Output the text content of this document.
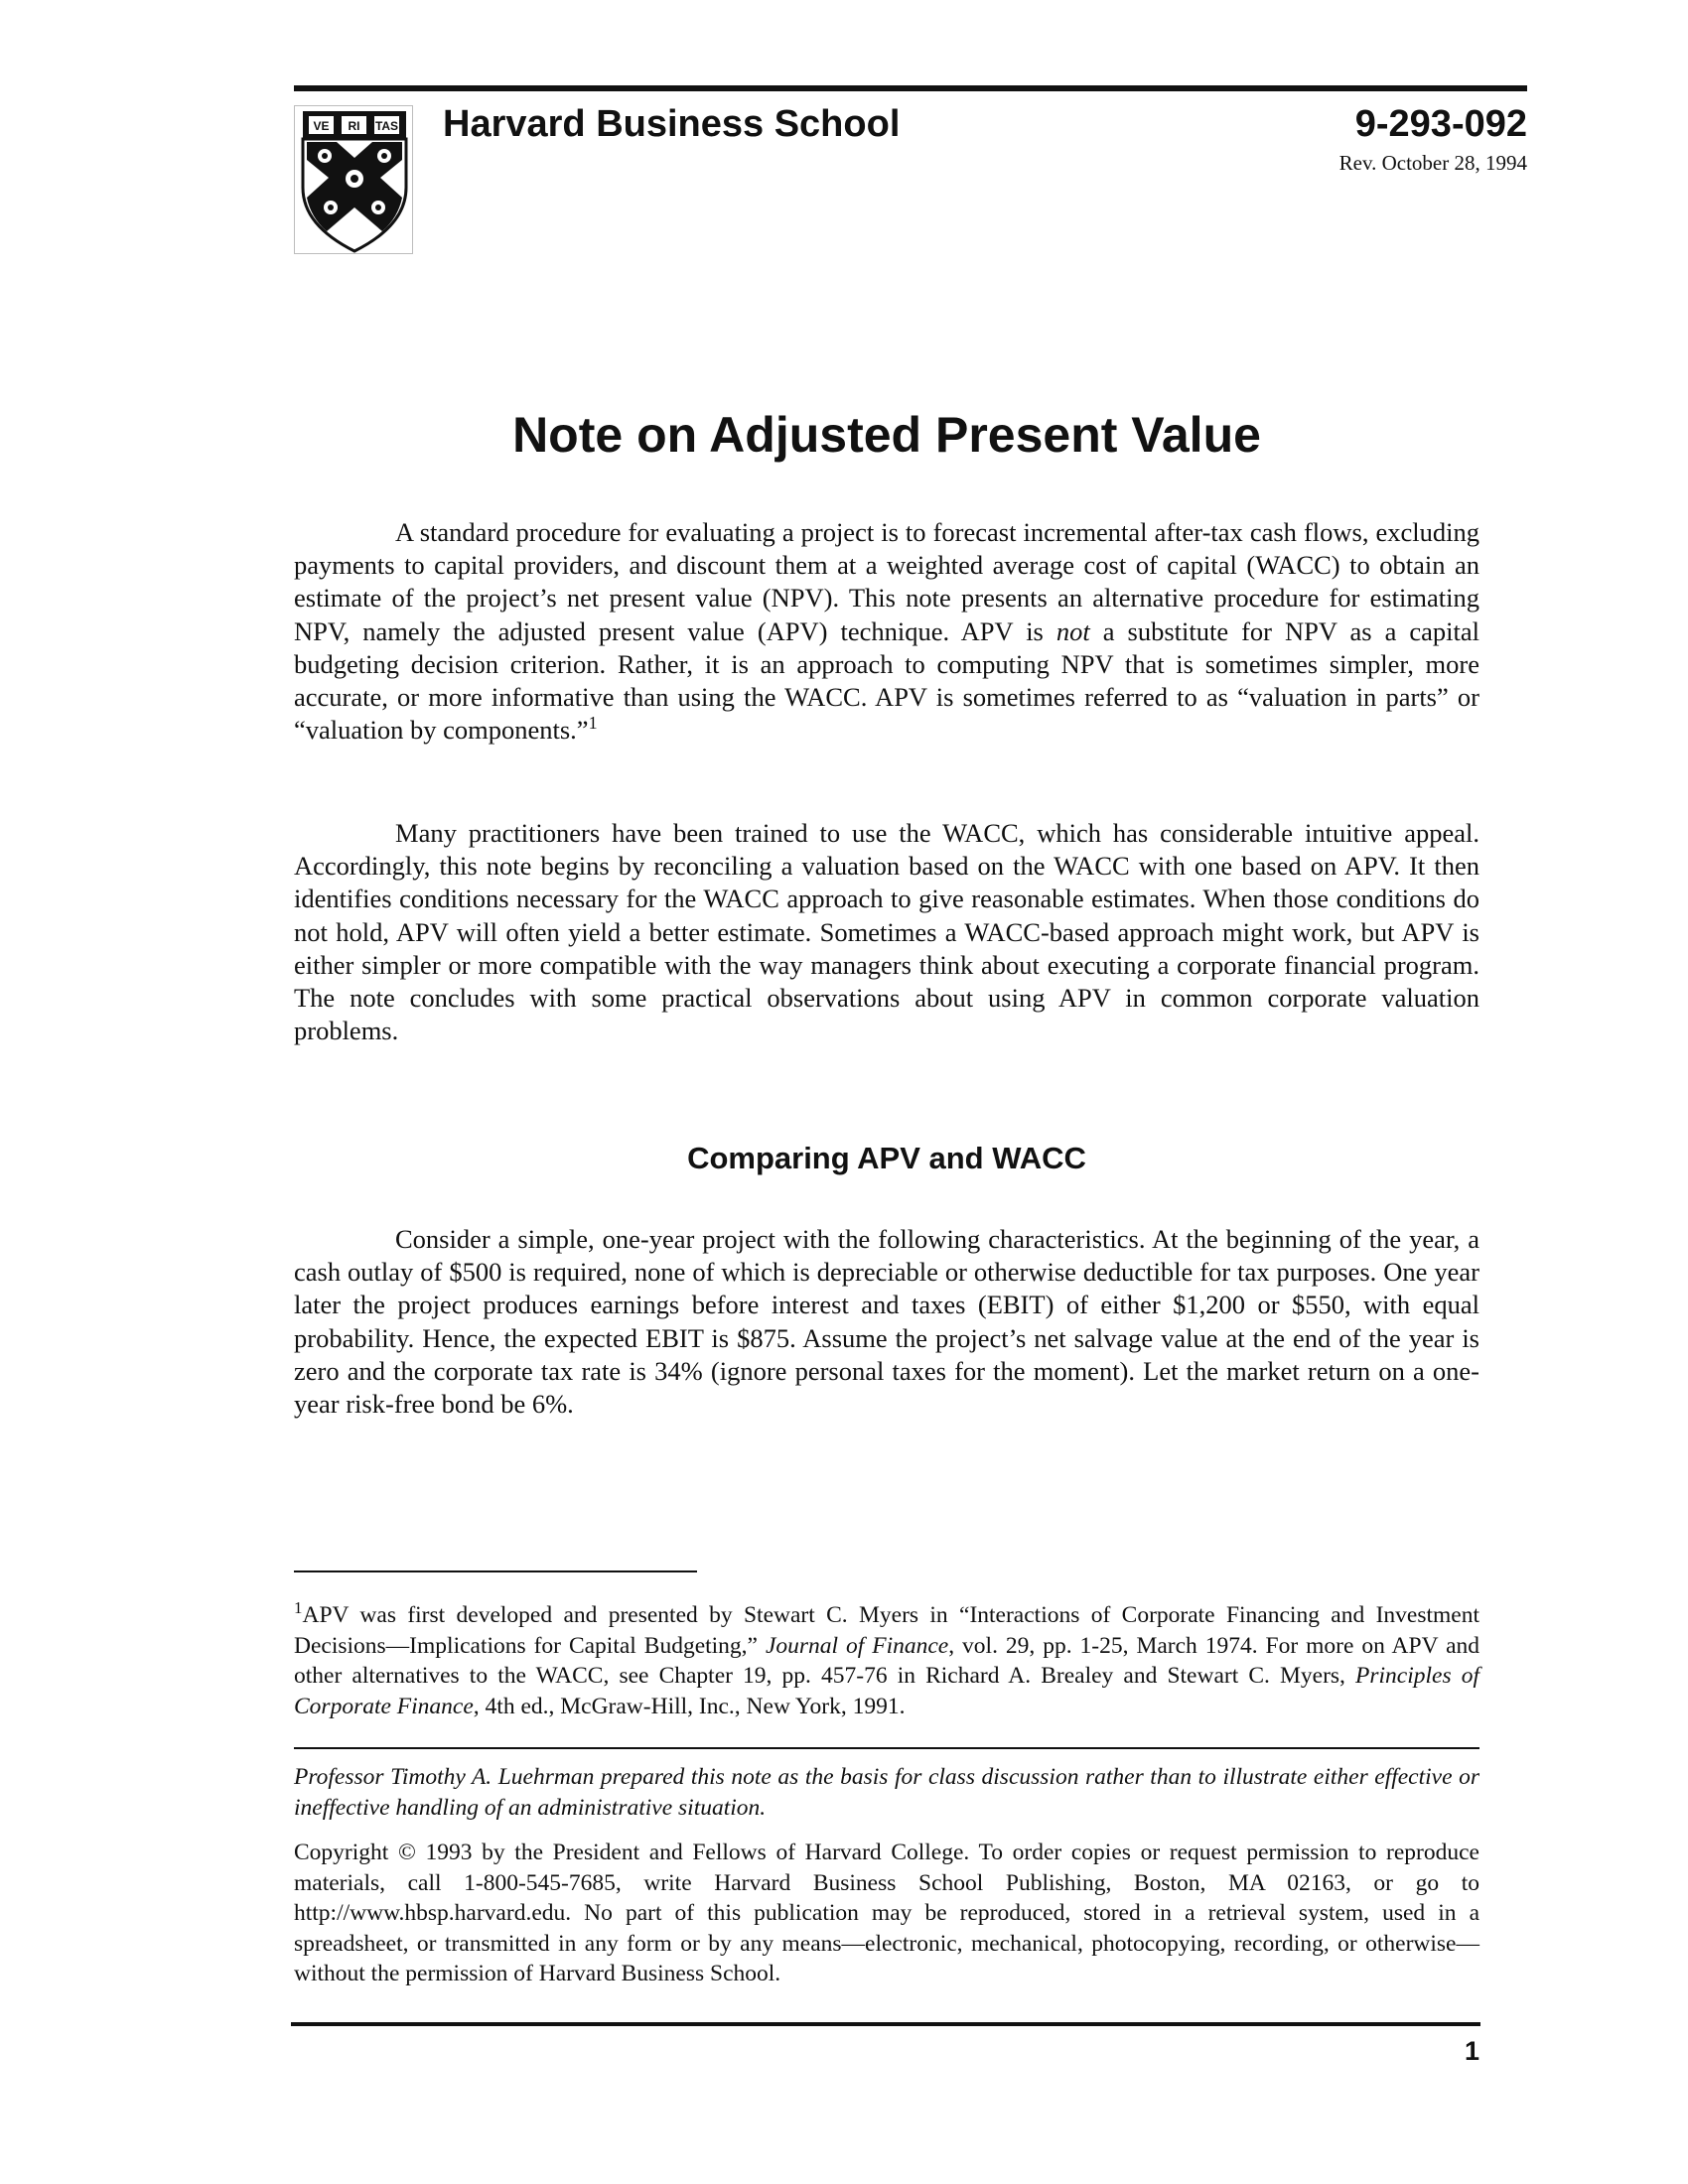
VE RI TAS Harvard Business School	9-293-092
Rev. October 28, 1994
Note on Adjusted Present Value

A standard procedure for evaluating a project is to forecast incremental after-tax cash flows, excluding payments to capital providers, and discount them at a weighted average cost of capital (WACC) to obtain an estimate of the project’s net present value (NPV). This note presents an alternative procedure for estimating NPV, namely the adjusted present value (APV) technique. APV is not a substitute for NPV as a capital budgeting decision criterion. Rather, it is an approach to computing NPV that is sometimes simpler, more accurate, or more informative than using the WACC. APV is sometimes referred to as “valuation in parts” or “valuation by components.”$^1$

Many practitioners have been trained to use the WACC, which has considerable intuitive appeal. Accordingly, this note begins by reconciling a valuation based on the WACC with one based on APV. It then identifies conditions necessary for the WACC approach to give reasonable estimates. When those conditions do not hold, APV will often yield a better estimate. Sometimes a WACC-based approach might work, but APV is either simpler or more compatible with the way managers think about executing a corporate financial program. The note concludes with some practical observations about using APV in common corporate valuation problems.

Comparing APV and WACC

Consider a simple, one-year project with the following characteristics. At the beginning of the year, a cash outlay of $500 is required, none of which is depreciable or otherwise deductible for tax purposes. One year later the project produces earnings before interest and taxes (EBIT) of either $1,200 or $550, with equal probability. Hence, the expected EBIT is $875. Assume the project’s net salvage value at the end of the year is zero and the corporate tax rate is 34% (ignore personal taxes for the moment). Let the market return on a one-year risk-free bond be 6%.

$^1$APV was first developed and presented by Stewart C. Myers in “Interactions of Corporate Financing and Investment Decisions—Implications for Capital Budgeting,” Journal of Finance, vol. 29, pp. 1-25, March 1974. For more on APV and other alternatives to the WACC, see Chapter 19, pp. 457-76 in Richard A. Brealey and Stewart C. Myers, Principles of Corporate Finance, 4th ed., McGraw-Hill, Inc., New York, 1991.

Professor Timothy A. Luehrman prepared this note as the basis for class discussion rather than to illustrate either effective or ineffective handling of an administrative situation.

Copyright © 1993 by the President and Fellows of Harvard College. To order copies or request permission to reproduce materials, call 1-800-545-7685, write Harvard Business School Publishing, Boston, MA 02163, or go to http://www.hbsp.harvard.edu. No part of this publication may be reproduced, stored in a retrieval system, used in a spreadsheet, or transmitted in any form or by any means—electronic, mechanical, photocopying, recording, or otherwise—without the permission of Harvard Business School.

1
